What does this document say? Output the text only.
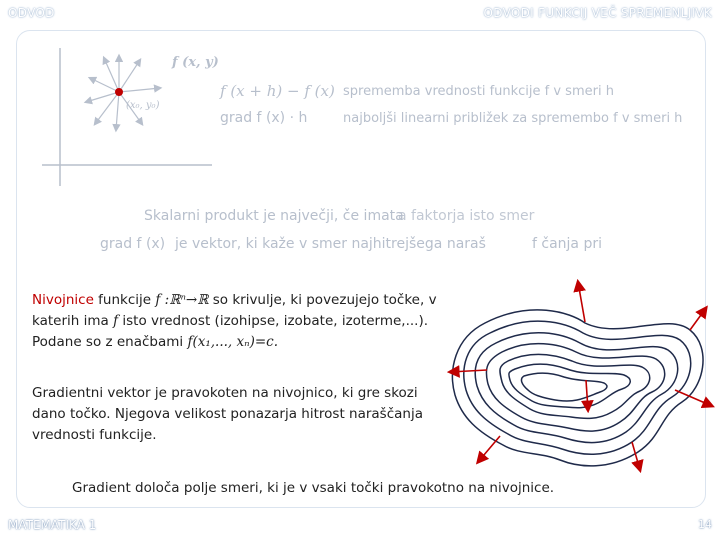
ODVOD	ODVODI FUNKCIJ VEČ SPREMENLJIVK
(x₀, y₀)
f (x, y)
f (x + h) − f (x) sprememba vrednosti funkcije f v smeri h
grad f (x) · h	najboljši linearni približek za spremembo f v smeri h
Skalarni produkt je največji, če imata
a faktorja isto smer
grad f (x) je vektor, ki kaže v smer najhitrejšega naraš	f čanja pri
Nivojnice funkcije f :ℝⁿ→ℝ so krivulje, ki povezujejo točke, v katerih ima f isto vrednost (izohipse, izobate, izoterme,...). Podane so z enačbami f(x₁,..., xₙ)=c.
Gradientni vektor je pravokoten na nivojnico, ki gre skozi dano točko. Njegova velikost ponazarja hitrost naraščanja vrednosti funkcije.
Gradient določa polje smeri, ki je v vsaki točki pravokotno na nivojnice.
MATEMATIKA 1	14
